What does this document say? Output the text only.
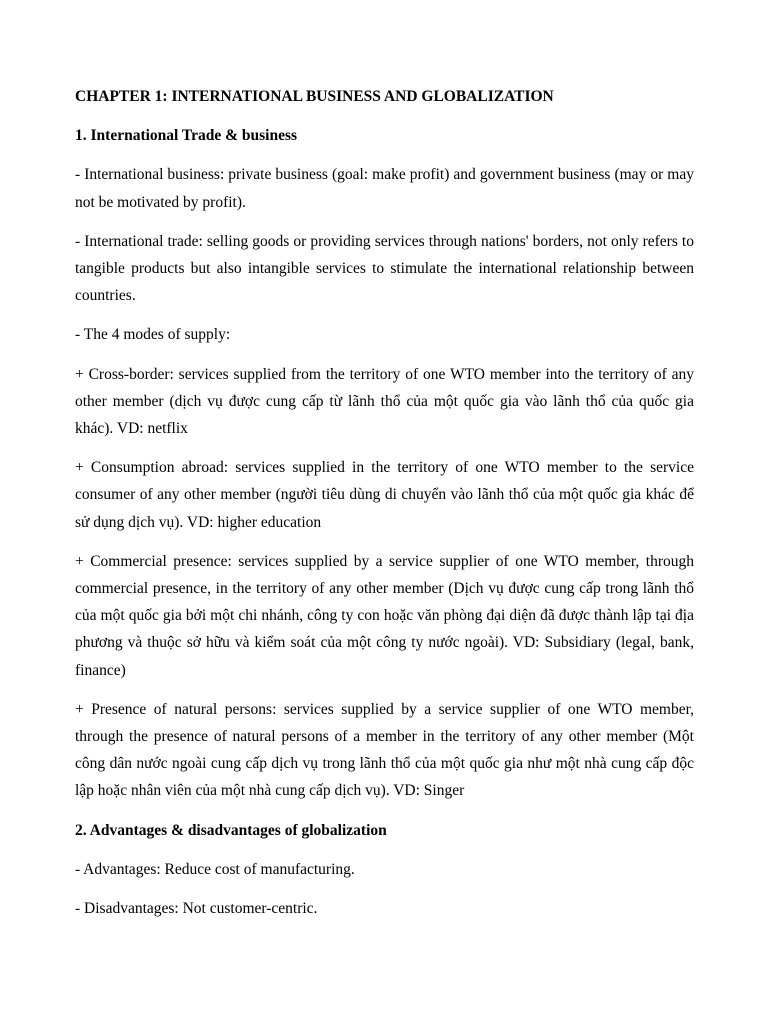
CHAPTER 1: INTERNATIONAL BUSINESS AND GLOBALIZATION
1. International Trade & business

- International business: private business (goal: make profit) and government business (may or may not be motivated by profit).

- International trade: selling goods or providing services through nations' borders, not only refers to tangible products but also intangible services to stimulate the international relationship between countries.

- The 4 modes of supply:

+ Cross-border: services supplied from the territory of one WTO member into the territory of any other member (dịch vụ được cung cấp từ lãnh thổ của một quốc gia vào lãnh thổ của quốc gia khác). VD: netflix

+ Consumption abroad: services supplied in the territory of one WTO member to the service consumer of any other member (người tiêu dùng di chuyển vào lãnh thổ của một quốc gia khác để sử dụng dịch vụ). VD: higher education

+ Commercial presence: services supplied by a service supplier of one WTO member, through commercial presence, in the territory of any other member (Dịch vụ được cung cấp trong lãnh thổ của một quốc gia bởi một chi nhánh, công ty con hoặc văn phòng đại diện đã được thành lập tại địa phương và thuộc sở hữu và kiểm soát của một công ty nước ngoài). VD: Subsidiary (legal, bank, finance)

+ Presence of natural persons: services supplied by a service supplier of one WTO member, through the presence of natural persons of a member in the territory of any other member (Một công dân nước ngoài cung cấp dịch vụ trong lãnh thổ của một quốc gia như một nhà cung cấp độc lập hoặc nhân viên của một nhà cung cấp dịch vụ). VD: Singer

2. Advantages & disadvantages of globalization

- Advantages: Reduce cost of manufacturing.

- Disadvantages: Not customer-centric.
